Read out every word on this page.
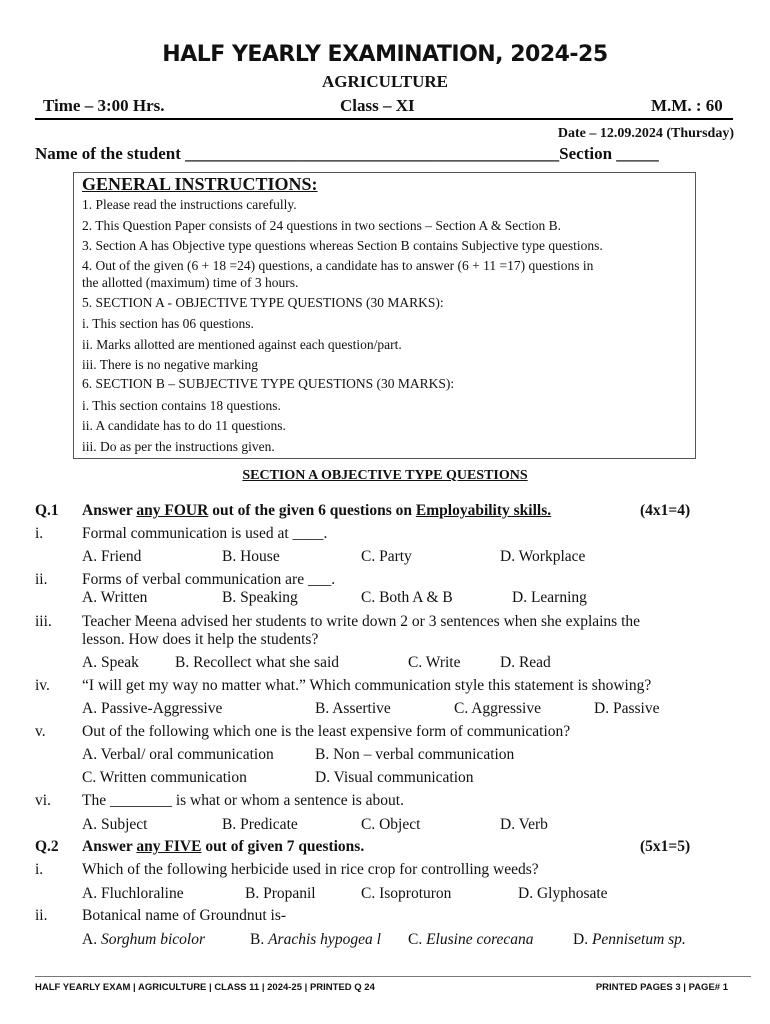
HALF YEARLY EXAMINATION, 2024-25
AGRICULTURE
Time – 3:00 Hrs.	Class – XI	M.M. : 60
Date – 12.09.2024 (Thursday)
Name of the student ____________________________________________Section _____
GENERAL INSTRUCTIONS:
1. Please read the instructions carefully.
2. This Question Paper consists of 24 questions in two sections – Section A & Section B.
3. Section A has Objective type questions whereas Section B contains Subjective type questions.
4. Out of the given (6 + 18 =24) questions, a candidate has to answer (6 + 11 =17) questions in
the allotted (maximum) time of 3 hours.
5. SECTION A - OBJECTIVE TYPE QUESTIONS (30 MARKS):
i. This section has 06 questions.
ii. Marks allotted are mentioned against each question/part.
iii. There is no negative marking
6. SECTION B – SUBJECTIVE TYPE QUESTIONS (30 MARKS):
i. This section contains 18 questions.
ii. A candidate has to do 11 questions.
iii. Do as per the instructions given.
SECTION A OBJECTIVE TYPE QUESTIONS
Q.1 Answer any FOUR out of the given 6 questions on Employability skills.	(4x1=4)
i.	Formal communication is used at ____.
A. Friend	B. House	C. Party	D. Workplace
ii. Forms of verbal communication are ___.
A. Written	B. Speaking	C. Both A & B	D. Learning
iii. Teacher Meena advised her students to write down 2 or 3 sentences when she explains the
lesson. How does it help the students?
A. Speak B. Recollect what she said	C. Write	D. Read
iv. “I will get my way no matter what.” Which communication style this statement is showing?
A. Passive-Aggressive	B. Assertive	C. Aggressive	D. Passive
v. Out of the following which one is the least expensive form of communication?
A. Verbal/ oral communication	B. Non – verbal communication
C. Written communication	D. Visual communication
vi. The ________ is what or whom a sentence is about.
A. Subject	B. Predicate	C. Object	D. Verb
Q.2 Answer any FIVE out of given 7 questions.	(5x1=5)
i.	Which of the following herbicide used in rice crop for controlling weeds?
A. Fluchloraline	B. Propanil	C. Isoproturon	D. Glyphosate
ii. Botanical name of Groundnut is-
A. Sorghum bicolor	B. Arachis hypogea l C. Elusine corecana	D. Pennisetum sp.
HALF YEARLY EXAM | AGRICULTURE | CLASS 11 | 2024-25 | PRINTED Q 24	PRINTED PAGES 3 | PAGE# 1
